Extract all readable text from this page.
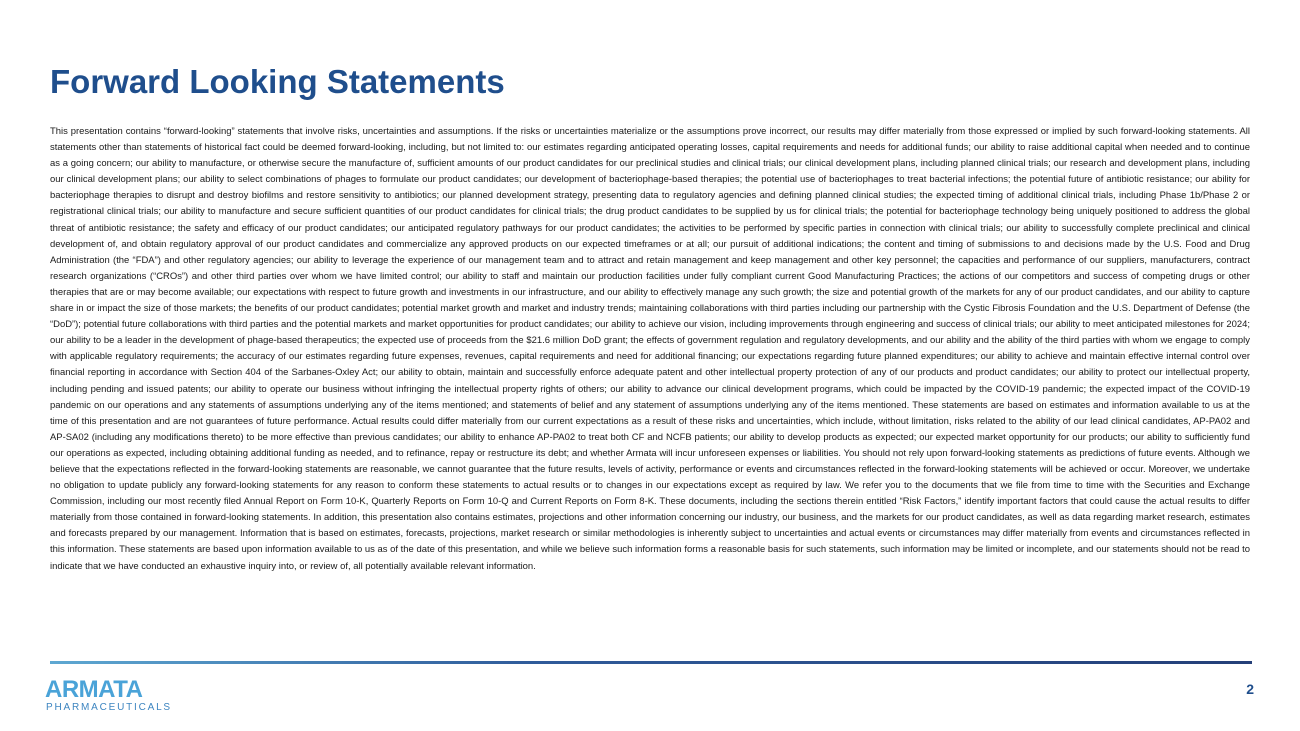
Forward Looking Statements

This presentation contains “forward-looking” statements that involve risks, uncertainties and assumptions. If the risks or uncertainties materialize or the assumptions prove incorrect, our results may differ materially from those expressed or implied by such forward-looking statements. All statements other than statements of historical fact could be deemed forward-looking, including, but not limited to: our estimates regarding anticipated operating losses, capital requirements and needs for additional funds; our ability to raise additional capital when needed and to continue as a going concern; our ability to manufacture, or otherwise secure the manufacture of, sufficient amounts of our product candidates for our preclinical studies and clinical trials; our clinical development plans, including planned clinical trials; our research and development plans, including our clinical development plans; our ability to select combinations of phages to formulate our product candidates; our development of bacteriophage-based therapies; the potential use of bacteriophages to treat bacterial infections; the potential future of antibiotic resistance; our ability for bacteriophage therapies to disrupt and destroy biofilms and restore sensitivity to antibiotics; our planned development strategy, presenting data to regulatory agencies and defining planned clinical studies; the expected timing of additional clinical trials, including Phase 1b/Phase 2 or registrational clinical trials; our ability to manufacture and secure sufficient quantities of our product candidates for clinical trials; the drug product candidates to be supplied by us for clinical trials; the potential for bacteriophage technology being uniquely positioned to address the global threat of antibiotic resistance; the safety and efficacy of our product candidates; our anticipated regulatory pathways for our product candidates; the activities to be performed by specific parties in connection with clinical trials; our ability to successfully complete preclinical and clinical development of, and obtain regulatory approval of our product candidates and commercialize any approved products on our expected timeframes or at all; our pursuit of additional indications; the content and timing of submissions to and decisions made by the U.S. Food and Drug Administration (the “FDA”) and other regulatory agencies; our ability to leverage the experience of our management team and to attract and retain management and keep management and other key personnel; the capacities and performance of our suppliers, manufacturers, contract research organizations (“CROs”) and other third parties over whom we have limited control; our ability to staff and maintain our production facilities under fully compliant current Good Manufacturing Practices; the actions of our competitors and success of competing drugs or other therapies that are or may become available; our expectations with respect to future growth and investments in our infrastructure, and our ability to effectively manage any such growth; the size and potential growth of the markets for any of our product candidates, and our ability to capture share in or impact the size of those markets; the benefits of our product candidates; potential market growth and market and industry trends; maintaining collaborations with third parties including our partnership with the Cystic Fibrosis Foundation and the U.S. Department of Defense (the “DoD”); potential future collaborations with third parties and the potential markets and market opportunities for product candidates; our ability to achieve our vision, including improvements through engineering and success of clinical trials; our ability to meet anticipated milestones for 2024; our ability to be a leader in the development of phage-based therapeutics; the expected use of proceeds from the $21.6 million DoD grant; the effects of government regulation and regulatory developments, and our ability and the ability of the third parties with whom we engage to comply with applicable regulatory requirements; the accuracy of our estimates regarding future expenses, revenues, capital requirements and need for additional financing; our expectations regarding future planned expenditures; our ability to achieve and maintain effective internal control over financial reporting in accordance with Section 404 of the Sarbanes-Oxley Act; our ability to obtain, maintain and successfully enforce adequate patent and other intellectual property protection of any of our products and product candidates; our ability to protect our intellectual property, including pending and issued patents; our ability to operate our business without infringing the intellectual property rights of others; our ability to advance our clinical development programs, which could be impacted by the COVID-19 pandemic; the expected impact of the COVID-19 pandemic on our operations and any statements of assumptions underlying any of the items mentioned; and statements of belief and any statement of assumptions underlying any of the items mentioned. These statements are based on estimates and information available to us at the time of this presentation and are not guarantees of future performance. Actual results could differ materially from our current expectations as a result of these risks and uncertainties, which include, without limitation, risks related to the ability of our lead clinical candidates, AP-PA02 and AP-SA02 (including any modifications thereto) to be more effective than previous candidates; our ability to enhance AP-PA02 to treat both CF and NCFB patients; our ability to develop products as expected; our expected market opportunity for our products; our ability to sufficiently fund our operations as expected, including obtaining additional funding as needed, and to refinance, repay or restructure its debt; and whether Armata will incur unforeseen expenses or liabilities. You should not rely upon forward-looking statements as predictions of future events. Although we believe that the expectations reflected in the forward-looking statements are reasonable, we cannot guarantee that the future results, levels of activity, performance or events and circumstances reflected in the forward-looking statements will be achieved or occur. Moreover, we undertake no obligation to update publicly any forward-looking statements for any reason to conform these statements to actual results or to changes in our expectations except as required by law. We refer you to the documents that we file from time to time with the Securities and Exchange Commission, including our most recently filed Annual Report on Form 10-K, Quarterly Reports on Form 10-Q and Current Reports on Form 8-K. These documents, including the sections therein entitled “Risk Factors,” identify important factors that could cause the actual results to differ materially from those contained in forward-looking statements. In addition, this presentation also contains estimates, projections and other information concerning our industry, our business, and the markets for our product candidates, as well as data regarding market research, estimates and forecasts prepared by our management. Information that is based on estimates, forecasts, projections, market research or similar methodologies is inherently subject to uncertainties and actual events or circumstances may differ materially from events and circumstances reflected in this information. These statements are based upon information available to us as of the date of this presentation, and while we believe such information forms a reasonable basis for such statements, such information may be limited or incomplete, and our statements should not be read to indicate that we have conducted an exhaustive inquiry into, or review of, all potentially available relevant information.

ARMATA
PHARMACEUTICALS
2
